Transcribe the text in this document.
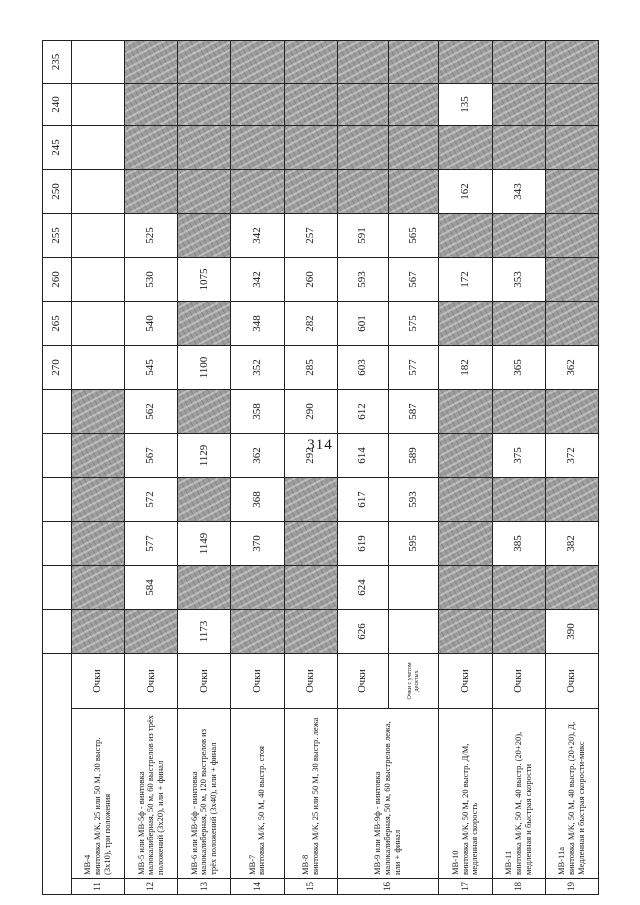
314
									270	265	260	255	250	245	240	235
11	МВ-4 винтовка М/К, 25 или 50 М, 30 выстр. (3х10), три положения	Очки														
12	МВ-5 или МВ-5ф - винтовка малокалиберная, 50 м, 60 выстрелов из трёх положений (3х20), или + финал	Очки		584	577	572	567	562	545	540	530	525				
13	МВ-6 или МВ-6ф - винтовка малокалиберная, 50 м, 120 выстрелов из трёх положений (3х40), или + финал	Очки	1173		1149		1129		1100		1075					
14	МВ-7 винтовка М/К, 50 М, 40 выстр. стоя	Очки			370	368	362	358	352	348	342	342				
15	МВ-8 винтовка М/К, 25 или 50 М, 30 выстр. лежа	Очки					292	290	285	282	260	257				
16	МВ-9 или МВ-9ф - винтовка малокалиберная, 50 м, 60 выстрелов лежа, или + финал	Очки	626	624	619	617	614	612	603	601	593	591				

		Очки с учетом десятых			595	593	589	587	577	575	567	565				
17	МВ-10 винтовка М/К, 50 М, 20 выстр. Д/М, медленная скорость	Очки							182		172		162		135	
18	МВ-11 винтовка М/К, 50 М, 40 выстр. (20+20), медленная и быстрая скорости	Очки			385		375		365		353		343			
19	МВ-11а винтовка М/К, 50 М, 40 выстр. (20+20), Д, Медленная и быстрая скорости-микс	Очки	390		382		372		362							
